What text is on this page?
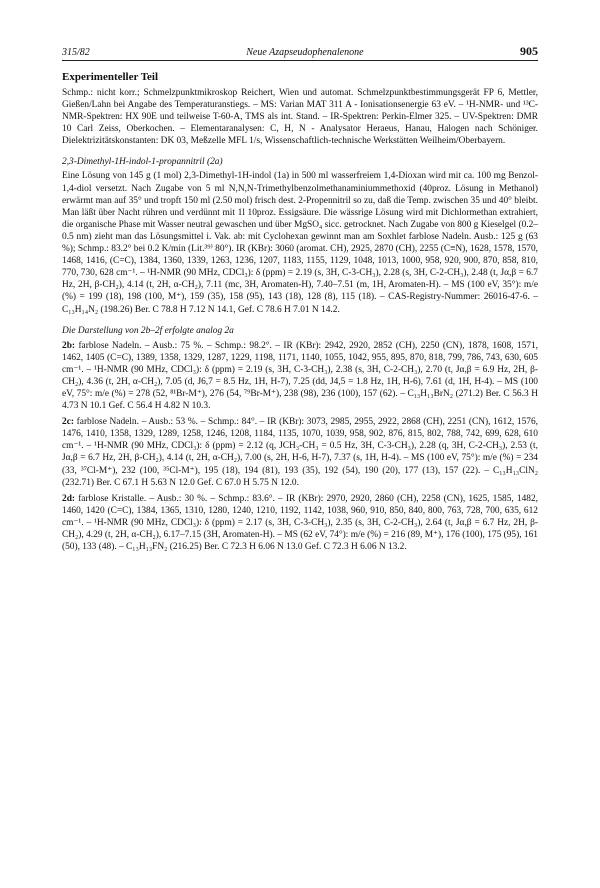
315/82	Neue Azapseudophenalenone	905
Experimenteller Teil

Schmp.: nicht korr.; Schmelzpunktmikroskop Reichert, Wien und automat. Schmelzpunktbestimmungsgerät FP 6, Mettler, Gießen/Lahn bei Angabe des Temperaturanstiegs. – MS: Varian MAT 311 A - Ionisationsenergie 63 eV. – ¹H-NMR- und ¹³C-NMR-Spektren: HX 90E und teilweise T-60-A, TMS als int. Stand. – IR-Spektren: Perkin-Elmer 325. – UV-Spektren: DMR 10 Carl Zeiss, Oberkochen. – Elementaranalysen: C, H, N - Analysator Heraeus, Hanau, Halogen nach Schöniger. Dielektrizitätskonstanten: DK 03, Meßzelle MFL 1/s, Wissenschaftlich-technische Werkstätten Weilheim/Oberbayern.

2,3-Dimethyl-1H-indol-1-propannitril (2a)

Eine Lösung von 145 g (1 mol) 2,3-Dimethyl-1H-indol (1a) in 500 ml wasserfreiem 1,4-Dioxan wird mit ca. 100 mg Benzol-1,4-diol versetzt. Nach Zugabe von 5 ml N,N,N-Trimethylbenzolmethanaminiummethoxid (40proz. Lösung in Methanol) erwärmt man auf 35° und tropft 150 ml (2.50 mol) frisch dest. 2-Propennitril so zu, daß die Temp. zwischen 35 und 40° bleibt. Man läßt über Nacht rühren und verdünnt mit 1l 10proz. Essigsäure. Die wässrige Lösung wird mit Dichlormethan extrahiert, die organische Phase mit Wasser neutral gewaschen und über MgSO₄ sicc. getrocknet. Nach Zugabe von 800 g Kieselgel (0.2–0.5 nm) zieht man das Lösungsmittel i. Vak. ab: mit Cyclohexan gewinnt man am Soxhlet farblose Nadeln. Ausb.: 125 g (63 %); Schmp.: 83.2° bei 0.2 K/min (Lit.³⁹⁾ 80°). IR (KBr): 3060 (aromat. CH), 2925, 2870 (CH), 2255 (C≡N), 1628, 1578, 1570, 1468, 1416, (C=C), 1384, 1360, 1339, 1263, 1236, 1207, 1183, 1155, 1129, 1048, 1013, 1000, 958, 920, 900, 870, 858, 810, 770, 730, 628 cm⁻¹. – ¹H-NMR (90 MHz, CDCl₃): δ (ppm) = 2.19 (s, 3H, C-3-CH₃), 2.28 (s, 3H, C-2-CH₃), 2.48 (t, Jα,β = 6.7 Hz, 2H, β-CH₂), 4.14 (t, 2H, α-CH₂), 7.11 (mc, 3H, Aromaten-H), 7.40–7.51 (m, 1H, Aromaten-H). – MS (100 eV, 35°): m/e (%) = 199 (18), 198 (100, M⁺), 159 (35), 158 (95), 143 (18), 128 (8), 115 (18). – CAS-Registry-Nummer: 26016-47-6. – C₁₃H₁₄N₂ (198.26) Ber. C 78.8 H 7.12 N 14.1, Gef. C 78.6 H 7.01 N 14.2.

Die Darstellung von 2b–2f erfolgte analog 2a

2b: farblose Nadeln. – Ausb.: 75 %. – Schmp.: 98.2°. – IR (KBr): 2942, 2920, 2852 (CH), 2250 (CN), 1878, 1608, 1571, 1462, 1405 (C=C), 1389, 1358, 1329, 1287, 1229, 1198, 1171, 1140, 1055, 1042, 955, 895, 870, 818, 799, 786, 743, 630, 605 cm⁻¹. – ¹H-NMR (90 MHz, CDCl₃): δ (ppm) = 2.19 (s, 3H, C-3-CH₃), 2.38 (s, 3H, C-2-CH₃), 2.70 (t, Jα,β = 6.9 Hz, 2H, β-CH₂), 4.36 (t, 2H, α-CH₂), 7.05 (d, J6,7 = 8.5 Hz, 1H, H-7), 7.25 (dd, J4,5 = 1.8 Hz, 1H, H-6), 7.61 (d, 1H, H-4). – MS (100 eV, 75°: m/e (%) = 278 (52, ⁸¹Br-M⁺), 276 (54, ⁷⁹Br-M⁺), 238 (98), 236 (100), 157 (62). – C₁₃H₁₃BrN₂ (271.2) Ber. C 56.3 H 4.73 N 10.1 Gef. C 56.4 H 4.82 N 10.3.

2c: farblose Nadeln. – Ausb.: 53 %. – Schmp.: 84°. – IR (KBr): 3073, 2985, 2955, 2922, 2868 (CH), 2251 (CN), 1612, 1576, 1476, 1410, 1358, 1329, 1289, 1258, 1246, 1208, 1184, 1135, 1070, 1039, 958, 902, 876, 815, 802, 788, 742, 699, 628, 610 cm⁻¹. – ¹H-NMR (90 MHz, CDCl₃): δ (ppm) = 2.12 (q, JCH₃-CH₃ = 0.5 Hz, 3H, C-3-CH₃), 2.28 (q, 3H, C-2-CH₃), 2.53 (t, Jα,β = 6.7 Hz, 2H, β-CH₂), 4.14 (t, 2H, α-CH₂), 7.00 (s, 2H, H-6, H-7), 7.37 (s, 1H, H-4). – MS (100 eV, 75°): m/e (%) = 234 (33, ³⁷Cl-M⁺), 232 (100, ³⁵Cl-M⁺), 195 (18), 194 (81), 193 (35), 192 (54), 190 (20), 177 (13), 157 (22). – C₁₃H₁₃ClN₂ (232.71) Ber. C 67.1 H 5.63 N 12.0 Gef. C 67.0 H 5.75 N 12.0.

2d: farblose Kristalle. – Ausb.: 30 %. – Schmp.: 83.6°. – IR (KBr): 2970, 2920, 2860 (CH), 2258 (CN), 1625, 1585, 1482, 1460, 1420 (C=C), 1384, 1365, 1310, 1280, 1240, 1210, 1192, 1142, 1038, 960, 910, 850, 840, 800, 763, 728, 700, 635, 612 cm⁻¹. – ¹H-NMR (90 MHz, CDCl₃): δ (ppm) = 2.17 (s, 3H, C-3-CH₃), 2.35 (s, 3H, C-2-CH₃), 2.64 (t, Jα,β = 6.7 Hz, 2H, β-CH₂), 4.29 (t, 2H, α-CH₂), 6.17–7.15 (3H, Aromaten-H). – MS (62 eV, 74°): m/e (%) = 216 (89, M⁺), 176 (100), 175 (95), 161 (50), 133 (48). – C₁₃H₁₃FN₂ (216.25) Ber. C 72.3 H 6.06 N 13.0 Gef. C 72.3 H 6.06 N 13.2.
